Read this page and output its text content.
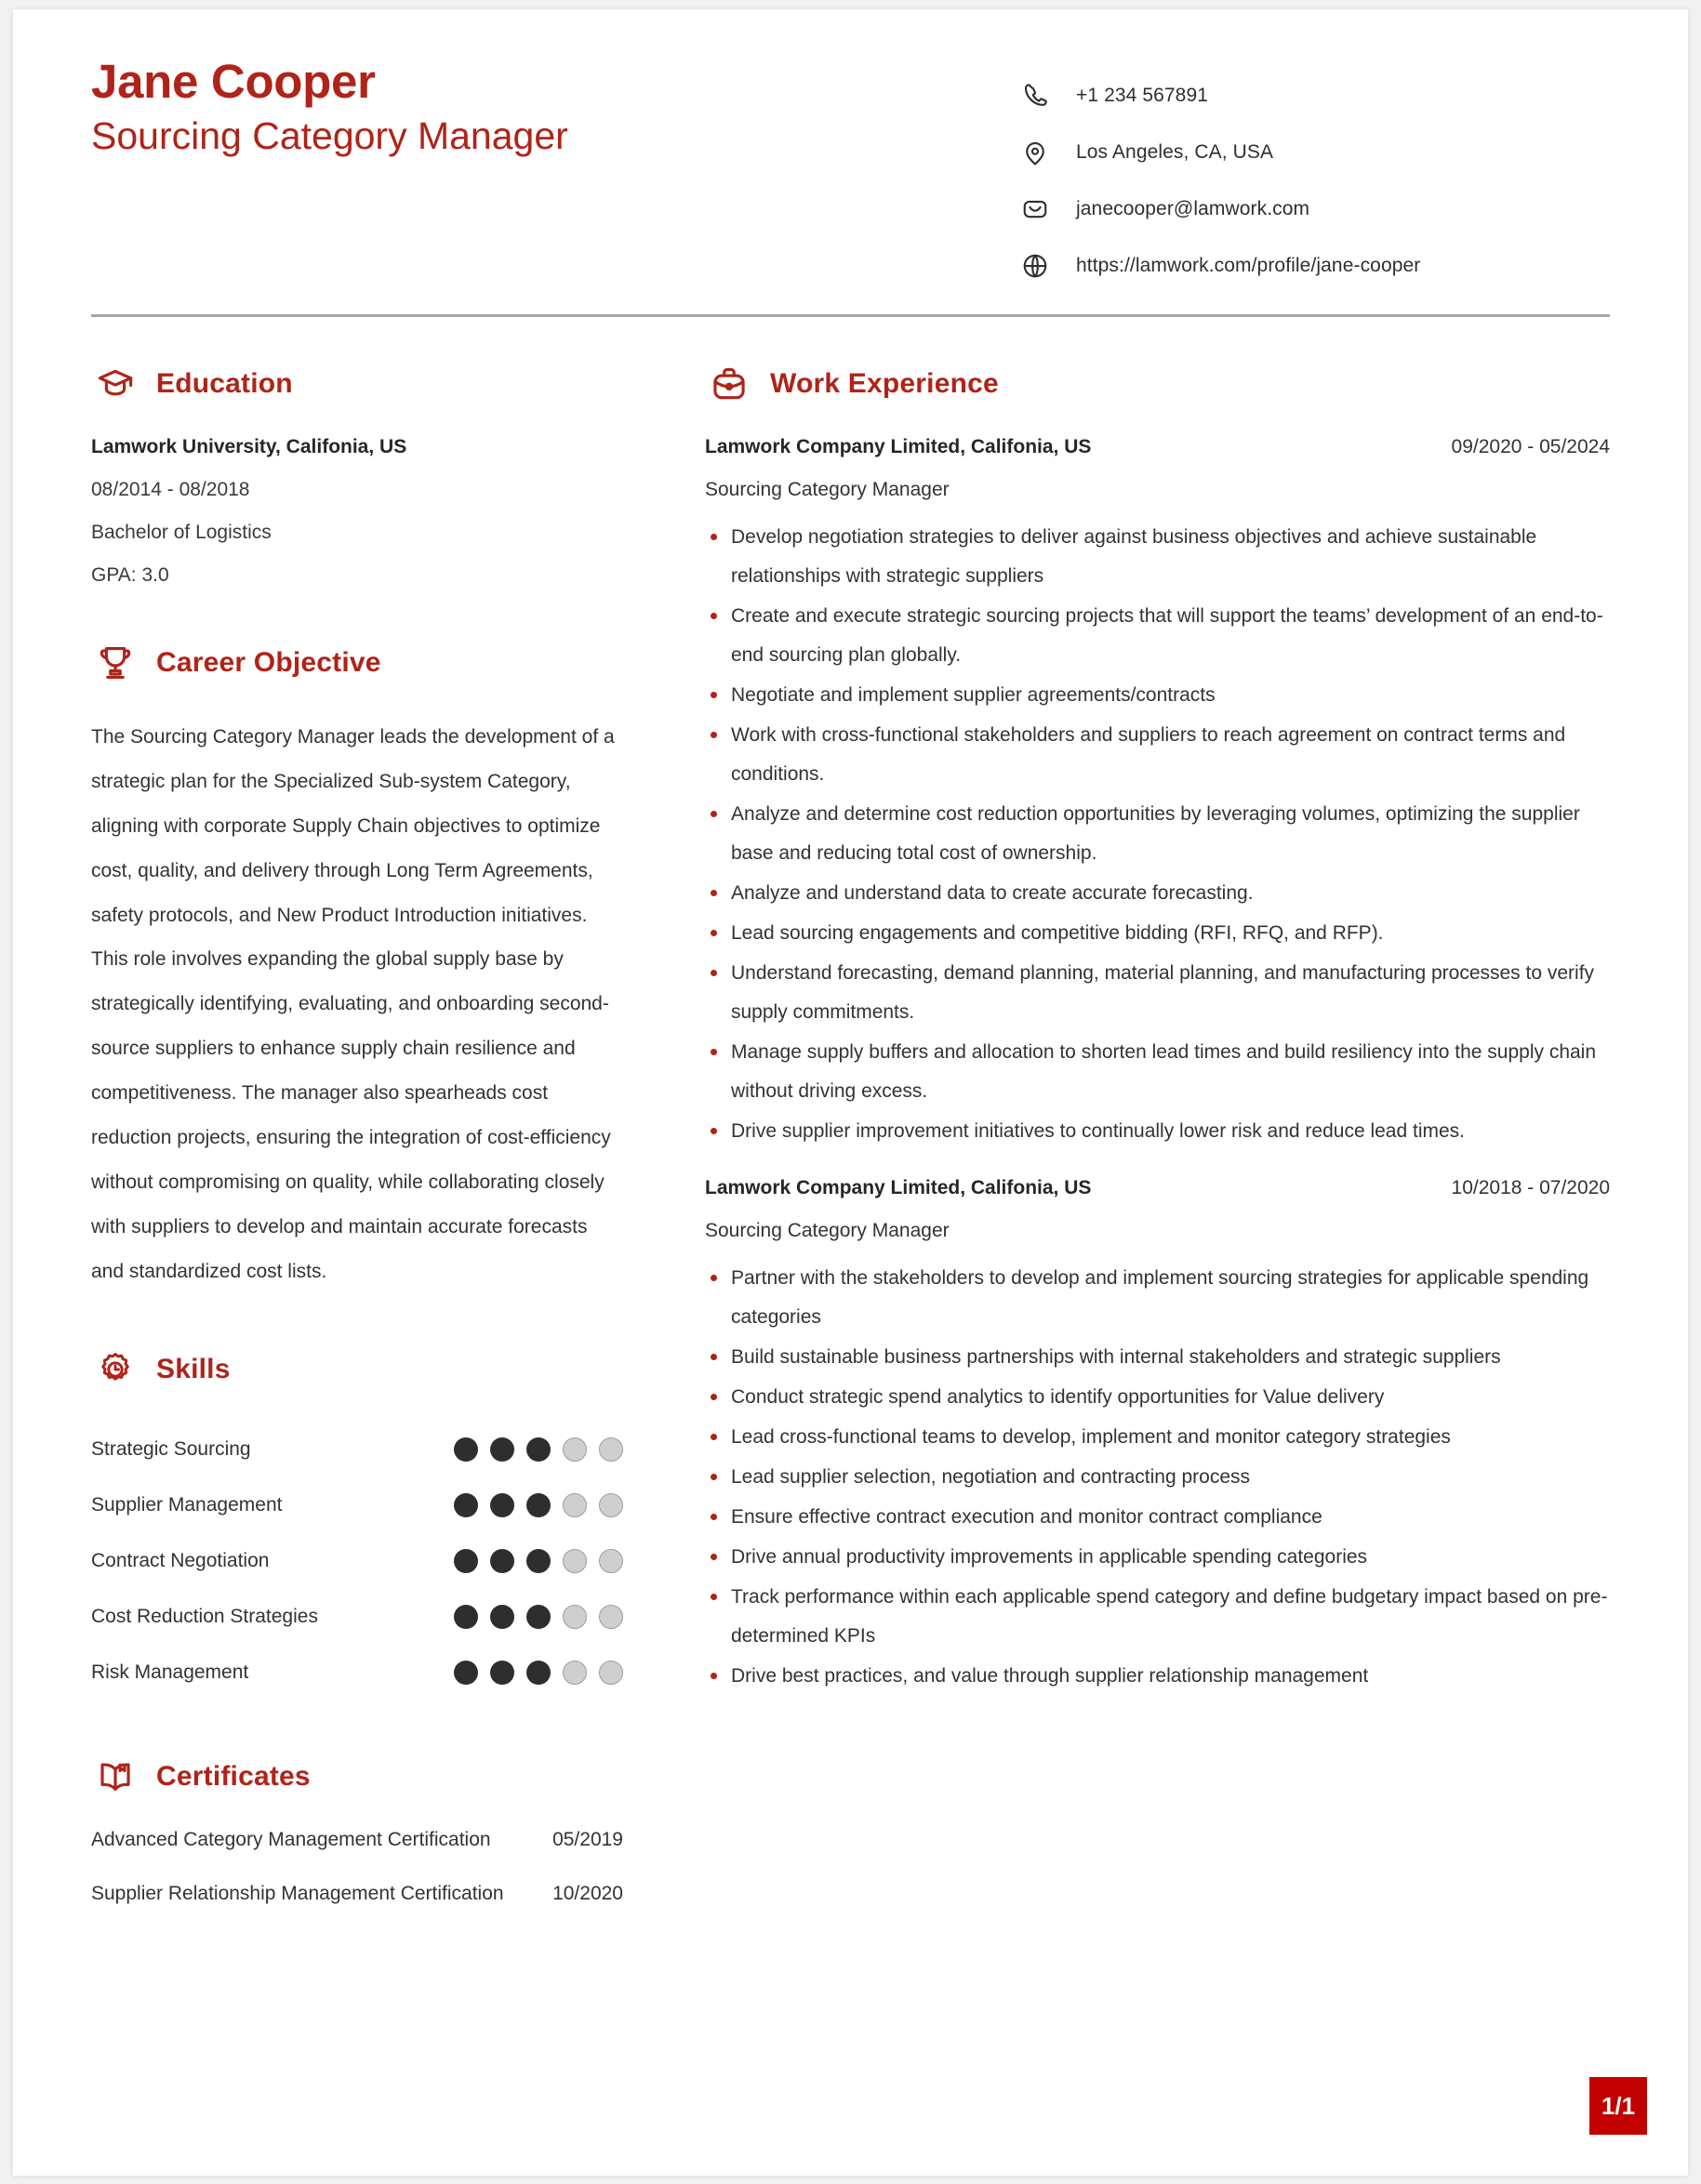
Jane Cooper
Sourcing Category Manager
+1 234 567891
Los Angeles, CA, USA
janecooper@lamwork.com
https://lamwork.com/profile/jane-cooper
Education
Lamwork University, Califonia, US
08/2014 - 08/2018
Bachelor of Logistics
GPA: 3.0
Career Objective
The Sourcing Category Manager leads the development of a strategic plan for the Specialized Sub-system Category, aligning with corporate Supply Chain objectives to optimize cost, quality, and delivery through Long Term Agreements, safety protocols, and New Product Introduction initiatives. This role involves expanding the global supply base by strategically identifying, evaluating, and onboarding second-source suppliers to enhance supply chain resilience and competitiveness. The manager also spearheads cost reduction projects, ensuring the integration of cost-efficiency without compromising on quality, while collaborating closely with suppliers to develop and maintain accurate forecasts and standardized cost lists.
Skills
Strategic Sourcing
Supplier Management
Contract Negotiation
Cost Reduction Strategies
Risk Management
Certificates
Advanced Category Management Certification	05/2019
Supplier Relationship Management Certification	10/2020
Work Experience
Lamwork Company Limited, Califonia, US	09/2020 - 05/2024
Sourcing Category Manager
Develop negotiation strategies to deliver against business objectives and achieve sustainable relationships with strategic suppliers
Create and execute strategic sourcing projects that will support the teams’ development of an end-to-end sourcing plan globally.
Negotiate and implement supplier agreements/contracts
Work with cross-functional stakeholders and suppliers to reach agreement on contract terms and conditions.
Analyze and determine cost reduction opportunities by leveraging volumes, optimizing the supplier base and reducing total cost of ownership.
Analyze and understand data to create accurate forecasting.
Lead sourcing engagements and competitive bidding (RFI, RFQ, and RFP).
Understand forecasting, demand planning, material planning, and manufacturing processes to verify supply commitments.
Manage supply buffers and allocation to shorten lead times and build resiliency into the supply chain without driving excess.
Drive supplier improvement initiatives to continually lower risk and reduce lead times.
Lamwork Company Limited, Califonia, US	10/2018 - 07/2020
Sourcing Category Manager
Partner with the stakeholders to develop and implement sourcing strategies for applicable spending categories
Build sustainable business partnerships with internal stakeholders and strategic suppliers
Conduct strategic spend analytics to identify opportunities for Value delivery
Lead cross-functional teams to develop, implement and monitor category strategies
Lead supplier selection, negotiation and contracting process
Ensure effective contract execution and monitor contract compliance
Drive annual productivity improvements in applicable spending categories
Track performance within each applicable spend category and define budgetary impact based on pre-determined KPIs
Drive best practices, and value through supplier relationship management
1/1
